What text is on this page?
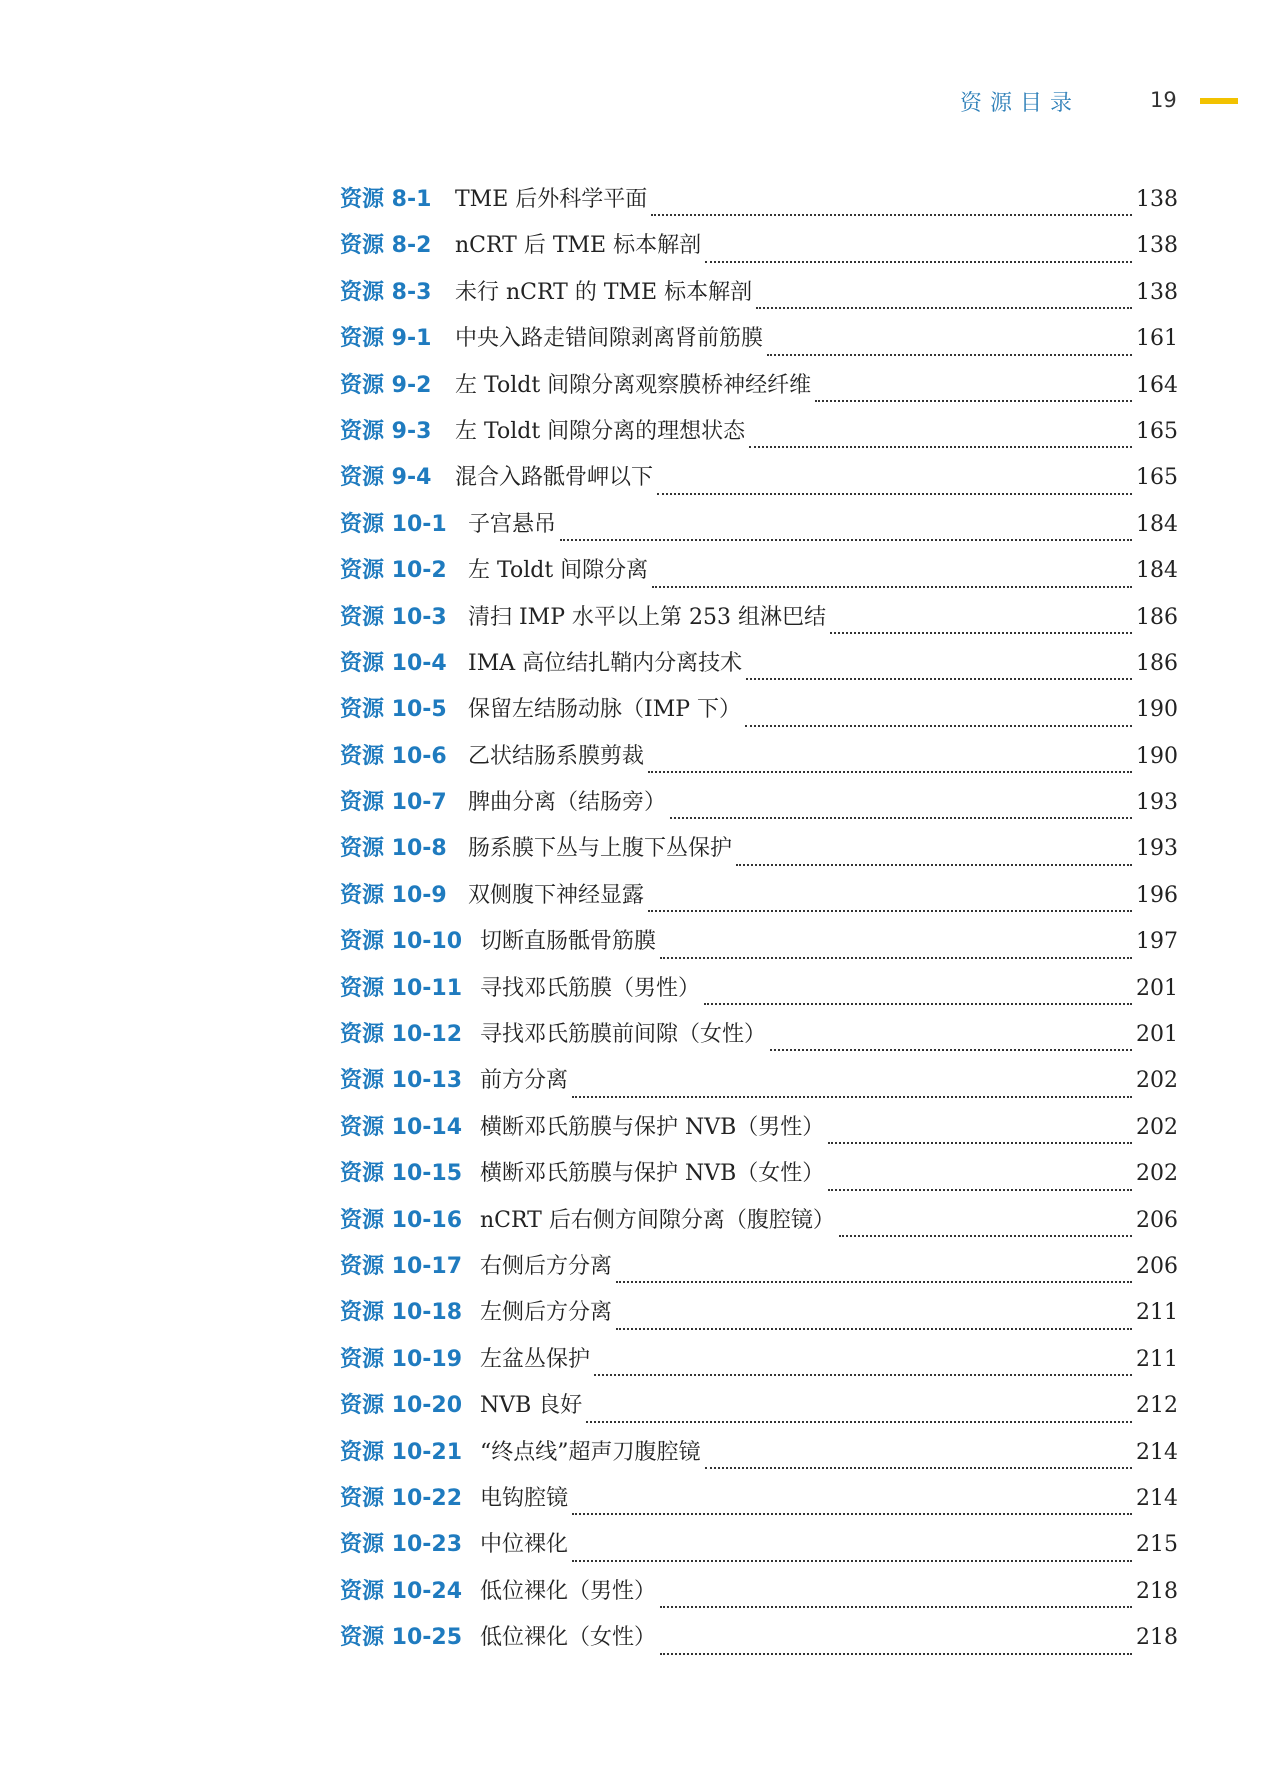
资源目录	19
资源 8-1	TME 后外科学平面	138
资源 8-2	nCRT 后 TME 标本解剖	138
资源 8-3	未行 nCRT 的 TME 标本解剖	138
资源 9-1	中央入路走错间隙剥离肾前筋膜	161
资源 9-2	左 Toldt 间隙分离观察膜桥神经纤维	164
资源 9-3	左 Toldt 间隙分离的理想状态	165
资源 9-4	混合入路骶骨岬以下	165
资源 10-1 子宫悬吊	184
资源 10-2 左 Toldt 间隙分离	184
资源 10-3 清扫 IMP 水平以上第 253 组淋巴结	186
资源 10-4 IMA 高位结扎鞘内分离技术	186
资源 10-5 保留左结肠动脉（IMP 下）	190
资源 10-6 乙状结肠系膜剪裁	190
资源 10-7 脾曲分离（结肠旁）	193
资源 10-8 肠系膜下丛与上腹下丛保护	193
资源 10-9 双侧腹下神经显露	196
资源 10-10 切断直肠骶骨筋膜	197
资源 10-11 寻找邓氏筋膜（男性）	201
资源 10-12 寻找邓氏筋膜前间隙（女性）	201
资源 10-13 前方分离	202
资源 10-14 横断邓氏筋膜与保护 NVB（男性）	202
资源 10-15 横断邓氏筋膜与保护 NVB（女性）	202
资源 10-16 nCRT 后右侧方间隙分离（腹腔镜）	206
资源 10-17 右侧后方分离	206
资源 10-18 左侧后方分离	211
资源 10-19 左盆丛保护	211
资源 10-20 NVB 良好	212
资源 10-21 “终点线”超声刀腹腔镜	214
资源 10-22 电钩腔镜	214
资源 10-23 中位裸化	215
资源 10-24 低位裸化（男性）	218
资源 10-25 低位裸化（女性）	218
